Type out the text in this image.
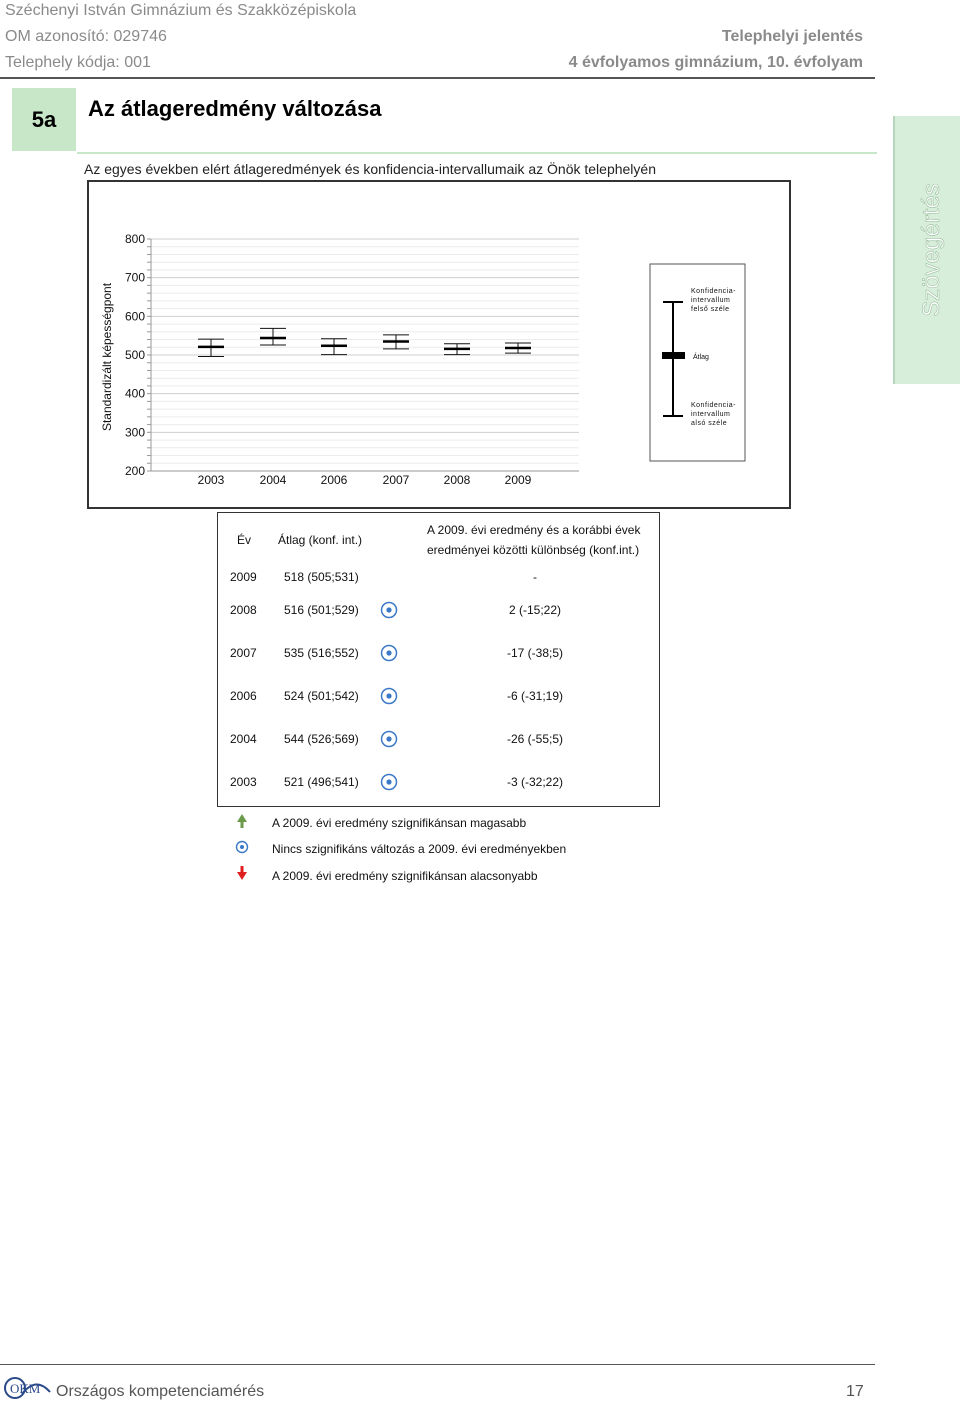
Széchenyi István Gimnázium és Szakközépiskola
OM azonosító: 029746
Telephely kódja: 001
Telephelyi jelentés
4 évfolyamos gimnázium, 10. évfolyam
5a	Az átlageredmény változása
Szövegértés
Az egyes években elért átlageredmények és konfidencia-intervallumaik az Önök telephelyén
200
300
400
500
600
700
800
2003	2004	2006	2007	2008	2009
Standardizált képességpont	Konfidencia-intervallum felső széle
Átlag
Konfidencia-intervallum alsó széle
Év Átlag (konf. int.)
A 2009. évi eredmény és a korábbi évek
eredményei közötti különbség (konf.int.)
2009 518 (505;531)	-
2008 516 (501;529)	2 (-15;22)
2007 535 (516;552)	-17 (-38;5)
2006 524 (501;542)	-6 (-31;19)
2004 544 (526;569)	-26 (-55;5)
2003 521 (496;541)	-3 (-32;22)
A 2009. évi eredmény szignifikánsan magasabb
Nincs szignifikáns változás a 2009. évi eredményekben
A 2009. évi eredmény szignifikánsan alacsonyabb
OKM Országos kompetenciamérés	17
